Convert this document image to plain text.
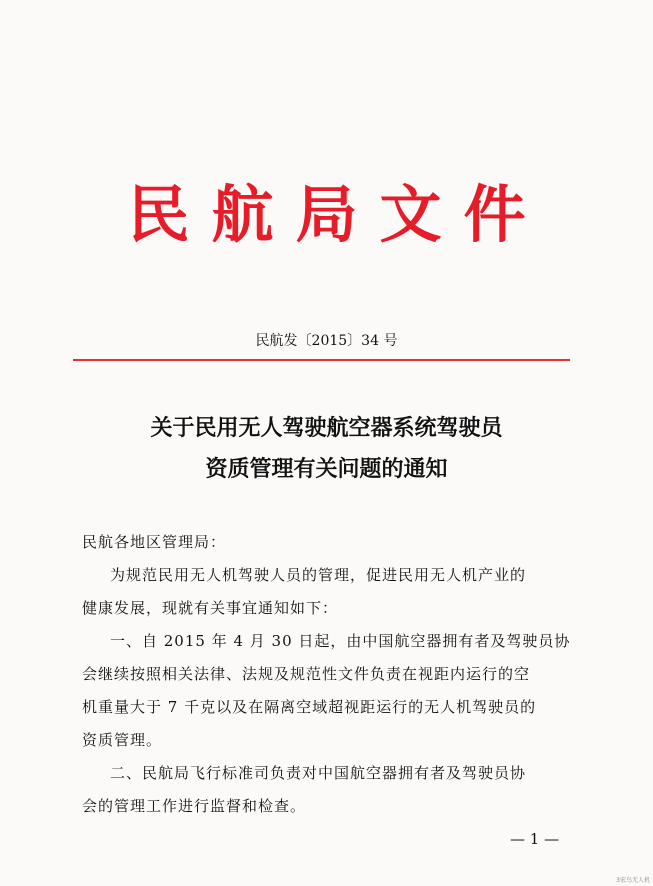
民航局文件
民航发〔2015〕34 号
关于民用无人驾驶航空器系统驾驶员
资质管理有关问题的通知
民航各地区管理局：
为规范民用无人机驾驶人员的管理，促进民用无人机产业的
健康发展，现就有关事宜通知如下：
一、自 2015 年 4 月 30 日起，由中国航空器拥有者及驾驶员协
会继续按照相关法律、法规及规范性文件负责在视距内运行的空
机重量大于 7 千克以及在隔离空域超视距运行的无人机驾驶员的
资质管理。
二、民航局飞行标准司负责对中国航空器拥有者及驾驶员协
会的管理工作进行监督和检查。
— 1 —
3宏鸟无人机
